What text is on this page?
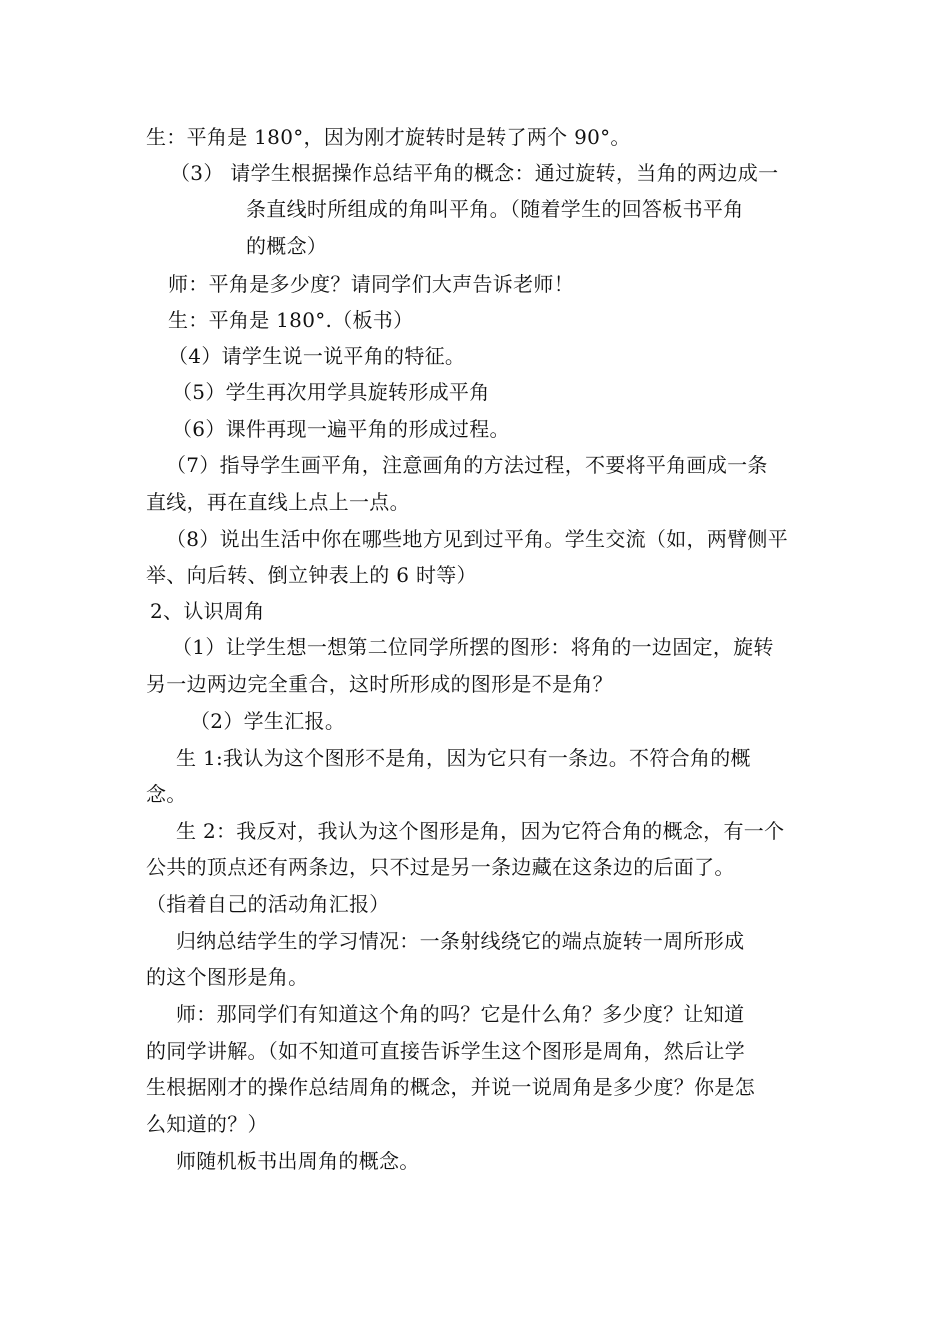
生：平角是 180°，因为刚才旋转时是转了两个 90°。
（3） 请学生根据操作总结平角的概念：通过旋转，当角的两边成一
条直线时所组成的角叫平角。（随着学生的回答板书平角
的概念）
师：平角是多少度？请同学们大声告诉老师！
生：平角是 180°.（板书）
（4）请学生说一说平角的特征。
（5）学生再次用学具旋转形成平角
（6）课件再现一遍平角的形成过程。
（7）指导学生画平角，注意画角的方法过程，不要将平角画成一条
直线，再在直线上点上一点。
（8）说出生活中你在哪些地方见到过平角。学生交流（如，两臂侧平
举、向后转、倒立钟表上的 6 时等）
2、认识周角
（1）让学生想一想第二位同学所摆的图形：将角的一边固定，旋转
另一边两边完全重合，这时所形成的图形是不是角？
（2）学生汇报。
生 1:我认为这个图形不是角，因为它只有一条边。不符合角的概
念。
生 2：我反对，我认为这个图形是角，因为它符合角的概念，有一个
公共的顶点还有两条边，只不过是另一条边藏在这条边的后面了。
（指着自己的活动角汇报）
归纳总结学生的学习情况：一条射线绕它的端点旋转一周所形成
的这个图形是角。
师：那同学们有知道这个角的吗？它是什么角？多少度？让知道
的同学讲解。（如不知道可直接告诉学生这个图形是周角，然后让学
生根据刚才的操作总结周角的概念，并说一说周角是多少度？你是怎
么知道的？）
师随机板书出周角的概念。
